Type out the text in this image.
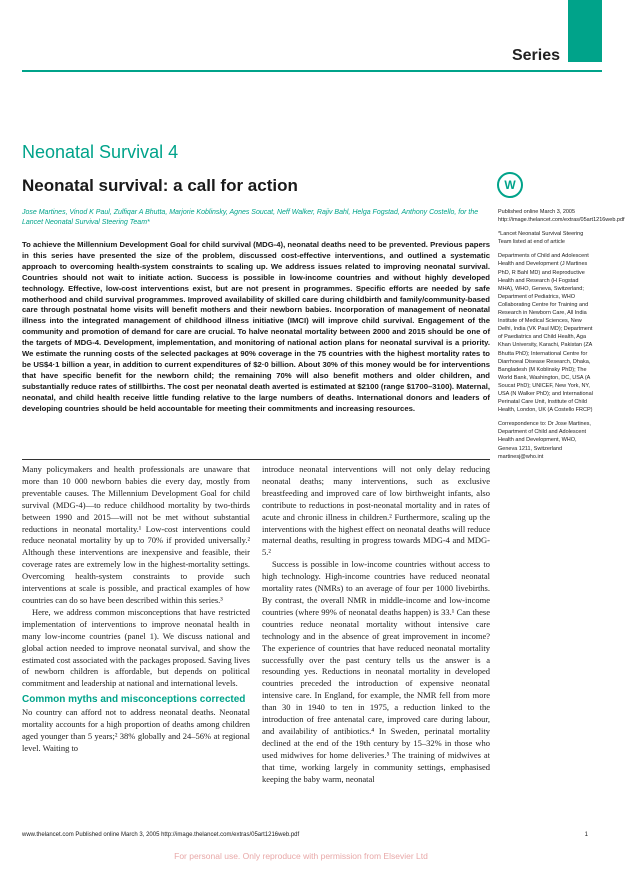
Series
Neonatal Survival 4
Neonatal survival: a call for action	W
Jose Martines, Vinod K Paul, Zulfiqar A Bhutta, Marjorie Koblinsky, Agnes Soucat, Neff Walker, Rajiv Bahl, Helga Fogstad, Anthony Costello, for the Lancet Neonatal Survival Steering Team*
To achieve the Millennium Development Goal for child survival (MDG-4), neonatal deaths need to be prevented. Previous papers in this series have presented the size of the problem, discussed cost-effective interventions, and outlined a systematic approach to overcoming health-system constraints to scaling up. We address issues related to improving neonatal survival. Countries should not wait to initiate action. Success is possible in low-income countries and without highly developed technology. Effective, low-cost interventions exist, but are not present in programmes. Specific efforts are needed by safe motherhood and child survival programmes. Improved availability of skilled care during childbirth and family/community-based care through postnatal home visits will benefit mothers and their newborn babies. Incorporation of management of neonatal illness into the integrated management of childhood illness initiative (IMCI) will improve child survival. Engagement of the community and promotion of demand for care are crucial. To halve neonatal mortality between 2000 and 2015 should be one of the targets of MDG-4. Development, implementation, and monitoring of national action plans for neonatal survival is a priority. We estimate the running costs of the selected packages at 90% coverage in the 75 countries with the highest mortality rates to be US$4·1 billion a year, in addition to current expenditures of $2·0 billion. About 30% of this money would be for interventions that have specific benefit for the newborn child; the remaining 70% will also benefit mothers and older children, and substantially reduce rates of stillbirths. The cost per neonatal death averted is estimated at $2100 (range $1700–3100). Maternal, neonatal, and child health receive little funding relative to the large numbers of deaths. International donors and leaders of developing countries should be held accountable for meeting their commitments and increasing resources.

Many policymakers and health professionals are unaware that more than 10 000 newborn babies die every day, mostly from preventable causes. The Millennium Development Goal for child survival (MDG-4)—to reduce childhood mortality by two-thirds between 1990 and 2015—will not be met without substantial reductions in neonatal mortality.¹ Low-cost interventions could reduce neonatal mortality by up to 70% if provided universally.² Although these interventions are inexpensive and feasible, their coverage rates are extremely low in the highest-mortality settings. Overcoming health-system constraints to provide such interventions at scale is possible, and practical examples of how countries can do so have been described within this series.³

Here, we address common misconceptions that have restricted implementation of interventions to improve neonatal health in many low-income countries (panel 1). We discuss national and global action needed to improve neonatal survival, and show the estimated cost associated with the packages proposed. Saving lives of newborn children is affordable, but depends on political commitment and leadership at national and international levels.

Common myths and misconceptions corrected

No country can afford not to address neonatal deaths. Neonatal mortality accounts for a high proportion of deaths among children aged younger than 5 years;² 38% globally and 24–56% at regional level. Waiting to

introduce neonatal interventions will not only delay reducing neonatal deaths; many interventions, such as exclusive breastfeeding and improved care of low birthweight infants, also contribute to reductions in post-neonatal mortality and in rates of acute and chronic illness in children.² Furthermore, scaling up the interventions with the highest effect on neonatal deaths will reduce maternal deaths, resulting in progress towards MDG-4 and MDG-5.²

Success is possible in low-income countries without access to high technology. High-income countries have reduced neonatal mortality rates (NMRs) to an average of four per 1000 livebirths. By contrast, the overall NMR in middle-income and low-income countries (where 99% of neonatal deaths happen) is 33.¹ Can these countries reduce neonatal mortality without intensive care technology and in the absence of great improvement in income? The experience of countries that have reduced neonatal mortality successfully over the past century tells us the answer is a resounding yes. Reductions in neonatal mortality in developed countries preceded the introduction of expensive neonatal intensive care. In England, for example, the NMR fell from more than 30 in 1940 to ten in 1975, a reduction linked to the introduction of free antenatal care, improved care during labour, and availability of antibiotics.⁴ In Sweden, perinatal mortality declined at the end of the 19th century by 15–32% in those who used midwives for home deliveries.⁵ The training of midwives at that time, working largely in community settings, emphasised keeping the baby warm, neonatal

Published online March 3, 2005 http://image.thelancet.com/extras/05art1216web.pdf
*Lancet Neonatal Survival Steering Team listed at end of article
Departments of Child and Adolescent Health and Development (J Martines PhD, R Bahl MD) and Reproductive Health and Research (H Fogstad MHA), WHO, Geneva, Switzerland; Department of Pediatrics, WHO Collaborating Centre for Training and Research in Newborn Care, All India Institute of Medical Sciences, New Delhi, India (VK Paul MD); Department of Paediatrics and Child Health, Aga Khan University, Karachi, Pakistan (ZA Bhutta PhD); International Centre for Diarrhoeal Disease Research, Dhaka, Bangladesh (M Koblinsky PhD); The World Bank, Washington, DC, USA (A Soucat PhD); UNICEF, New York, NY, USA (N Walker PhD); and International Perinatal Care Unit, Institute of Child Health, London, UK (A Costello FRCP)
Correspondence to: Dr Jose Martines, Department of Child and Adolescent Health and Development, WHO, Geneva 1211, Switzerland martinesj@who.int
www.thelancet.com Published online March 3, 2005 http://image.thelancet.com/extras/05art1216web.pdf	1
For personal use. Only reproduce with permission from Elsevier Ltd
